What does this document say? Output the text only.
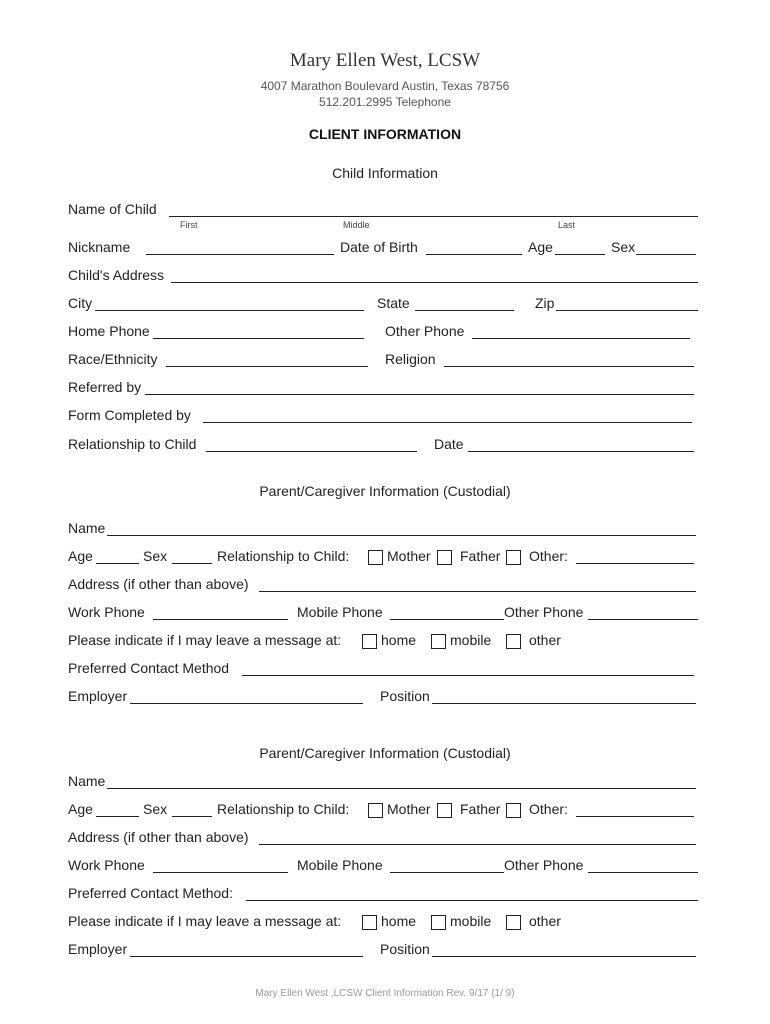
Mary Ellen West, LCSW
4007 Marathon Boulevard Austin, Texas 78756
512.201.2995 Telephone
CLIENT INFORMATION
Child Information
Name of Child
First	Middle	Last
Nickname	Date of Birth	Age	Sex
Child's Address
City	State	Zip
Home Phone	Other Phone
Race/Ethnicity	Religion
Referred by
Form Completed by
Relationship to Child	Date
Parent/Caregiver Information (Custodial)
Name
Age	Sex	Relationship to Child:	Mother Father Other:
Address (if other than above)
Work Phone	Mobile Phone	Other Phone
Please indicate if I may leave a message at:	home mobile	other
Preferred Contact Method
Employer	Position
Parent/Caregiver Information (Custodial)
Name
Age	Sex	Relationship to Child:	Mother Father Other:
Address (if other than above)
Work Phone	Mobile Phone	Other Phone
Preferred Contact Method:
Please indicate if I may leave a message at:	home mobile	other
Employer	Position
Mary Ellen West ,LCSW Client Information Rev. 9/17 (1/ 9)
